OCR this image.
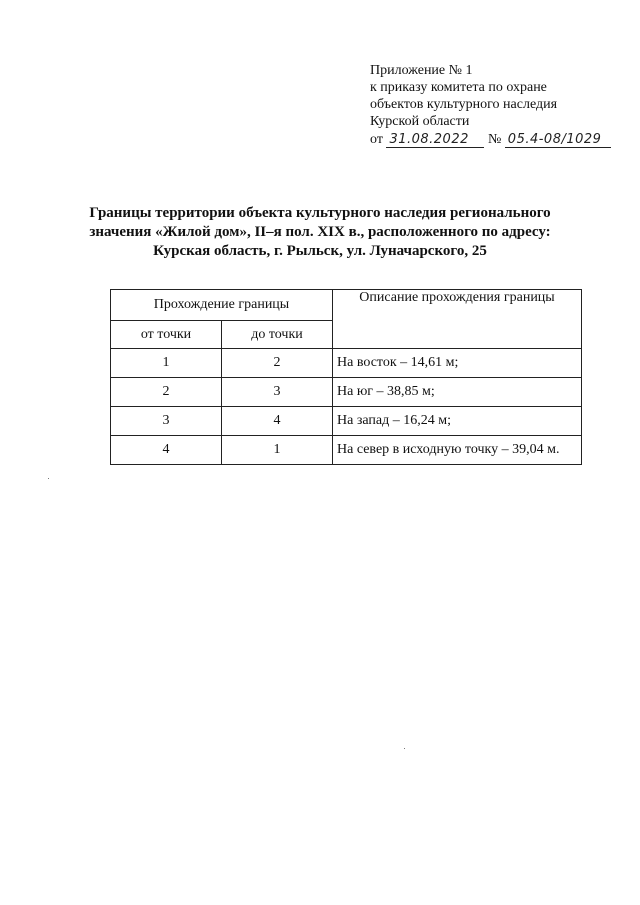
Приложение № 1
к приказу комитета по охране
объектов культурного наследия
Курской области
от 31.08.2022 № 05.4-08/1029
Границы территории объекта культурного наследия регионального
значения «Жилой дом», II–я пол. XIX в., расположенного по адресу:
Курская область, г. Рыльск, ул. Луначарского, 25
Прохождение границы		Описание прохождения границы
от точки	до точки	
1	2	На восток – 14,61 м;
2	3	На юг – 38,85 м;
3	4	На запад – 16,24 м;
4	1	На север в исходную точку – 39,04 м.
